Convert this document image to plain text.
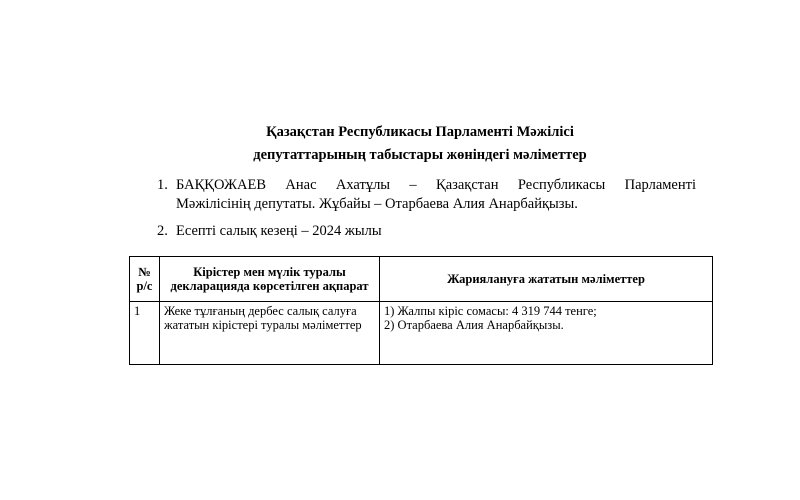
Қазақстан Республикасы Парламенті Мәжілісі
депутаттарының табыстары жөніндегі мәліметтер
1. БАҚҚОЖАЕВ Анас Ахатұлы – Қазақстан Республикасы Парламенті
Мәжілісінің депутаты. Жұбайы – Отарбаева Алия Анарбайқызы.
2. Есепті салық кезеңі – 2024 жылы
№ р/с	Кірістер мен мүлік туралы декларацияда көрсетілген ақпарат	Жариялануға жататын мәліметтер
1	Жеке тұлғаның дербес салық салуға жататын кірістері туралы мәліметтер	1) Жалпы кіріс сомасы: 4 319 744 тенге;
2) Отарбаева Алия Анарбайқызы.
